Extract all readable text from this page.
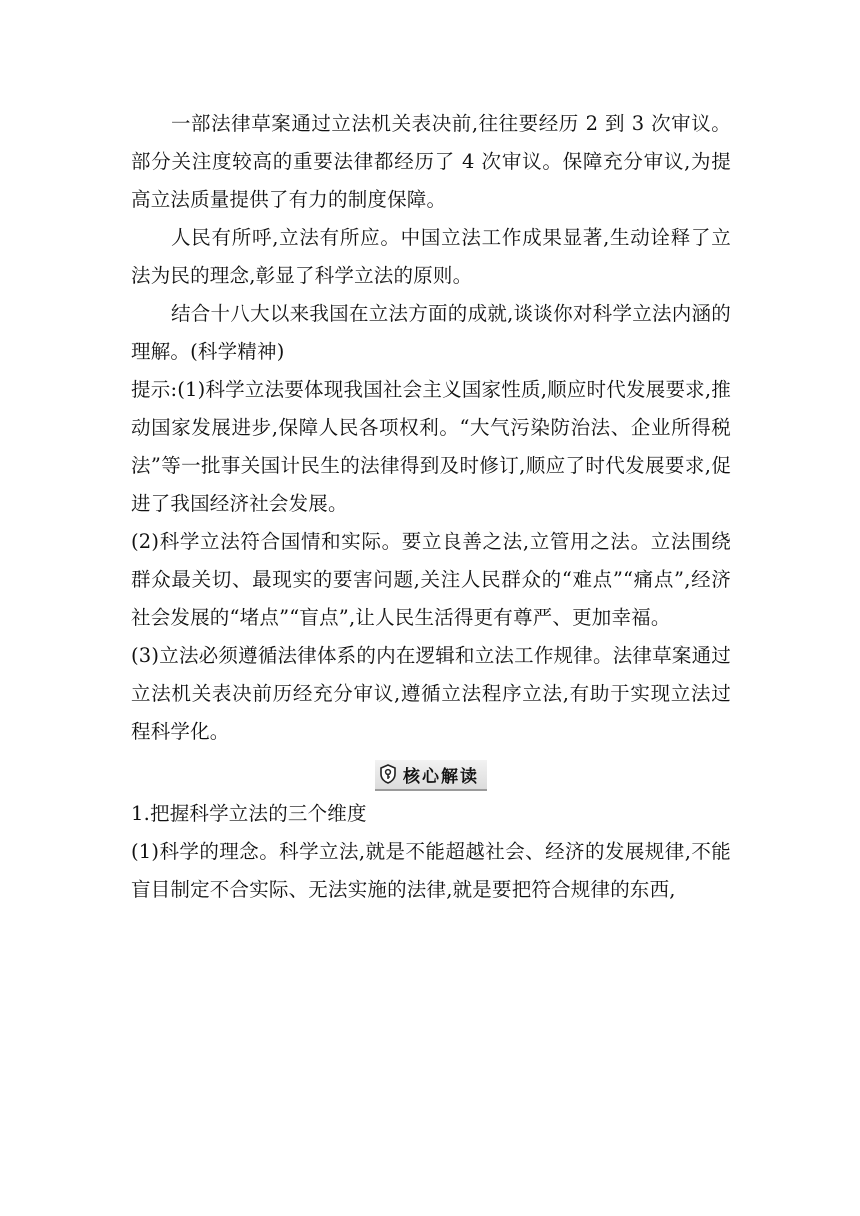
一部法律草案通过立法机关表决前,往往要经历 2 到 3 次审议。部分关注度较高的重要法律都经历了 4 次审议。保障充分审议,为提高立法质量提供了有力的制度保障。

人民有所呼,立法有所应。中国立法工作成果显著,生动诠释了立法为民的理念,彰显了科学立法的原则。

结合十八大以来我国在立法方面的成就,谈谈你对科学立法内涵的理解。(科学精神)

提示:(1)科学立法要体现我国社会主义国家性质,顺应时代发展要求,推动国家发展进步,保障人民各项权利。“大气污染防治法、企业所得税法”等一批事关国计民生的法律得到及时修订,顺应了时代发展要求,促进了我国经济社会发展。

(2)科学立法符合国情和实际。要立良善之法,立管用之法。立法围绕群众最关切、最现实的要害问题,关注人民群众的“难点”“痛点”,经济社会发展的“堵点”“盲点”,让人民生活得更有尊严、更加幸福。

(3)立法必须遵循法律体系的内在逻辑和立法工作规律。法律草案通过立法机关表决前历经充分审议,遵循立法程序立法,有助于实现立法过程科学化。

核心解读

1.把握科学立法的三个维度

(1)科学的理念。科学立法,就是不能超越社会、经济的发展规律,不能盲目制定不合实际、无法实施的法律,就是要把符合规律的东西,
